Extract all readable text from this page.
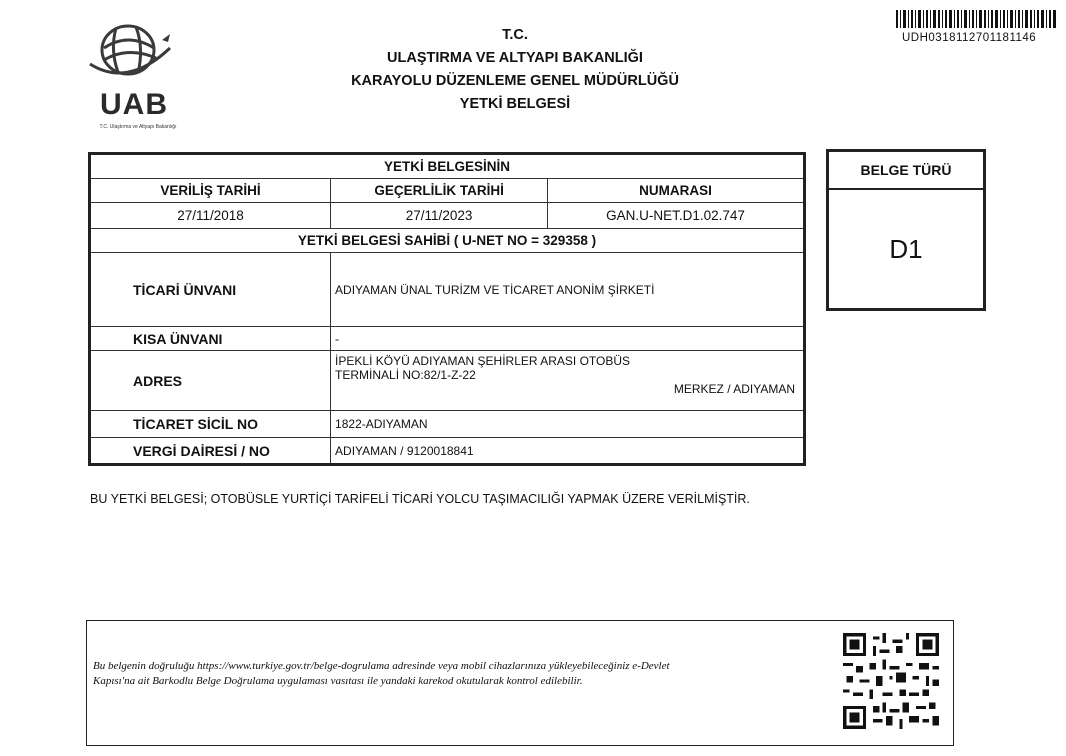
UAB
T.C. Ulaştırma ve Altyapı Bakanlığı
T.C.
ULAŞTIRMA VE ALTYAPI BAKANLIĞI
KARAYOLU DÜZENLEME GENEL MÜDÜRLÜĞÜ
YETKİ BELGESİ
UDH0318112701181146
YETKİ BELGESİNİN		
VERİLİŞ TARİHİ	GEÇERLİLİK TARİHİ	NUMARASI
27/11/2018	27/11/2023	GAN.U-NET.D1.02.747
YETKİ BELGESİ SAHİBİ ( U-NET NO = 329358 )		
TİCARİ ÜNVANI	ADIYAMAN ÜNAL TURİZM VE TİCARET ANONİM ŞİRKETİ	
KISA ÜNVANI	-	
ADRES	İPEKLİ KÖYÜ ADIYAMAN ŞEHİRLER ARASI OTOBÜS
TERMİNALİ NO:82/1-Z-22
MERKEZ / ADIYAMAN	

TİCARET SİCİL NO	1822-ADIYAMAN	
VERGİ DAİRESİ / NO	ADIYAMAN / 9120018841	
BELGE TÜRÜ
D1
BU YETKİ BELGESİ; OTOBÜSLE YURTİÇİ TARİFELİ TİCARİ YOLCU TAŞIMACILIĞI YAPMAK ÜZERE VERİLMİŞTİR.
Bu belgenin doğruluğu https://www.turkiye.gov.tr/belge-dogrulama adresinde veya mobil cihazlarınıza yükleyebileceğiniz e-Devlet
Kapısı'na ait Barkodlu Belge Doğrulama uygulaması vasıtası ile yandaki karekod okutularak kontrol edilebilir.
